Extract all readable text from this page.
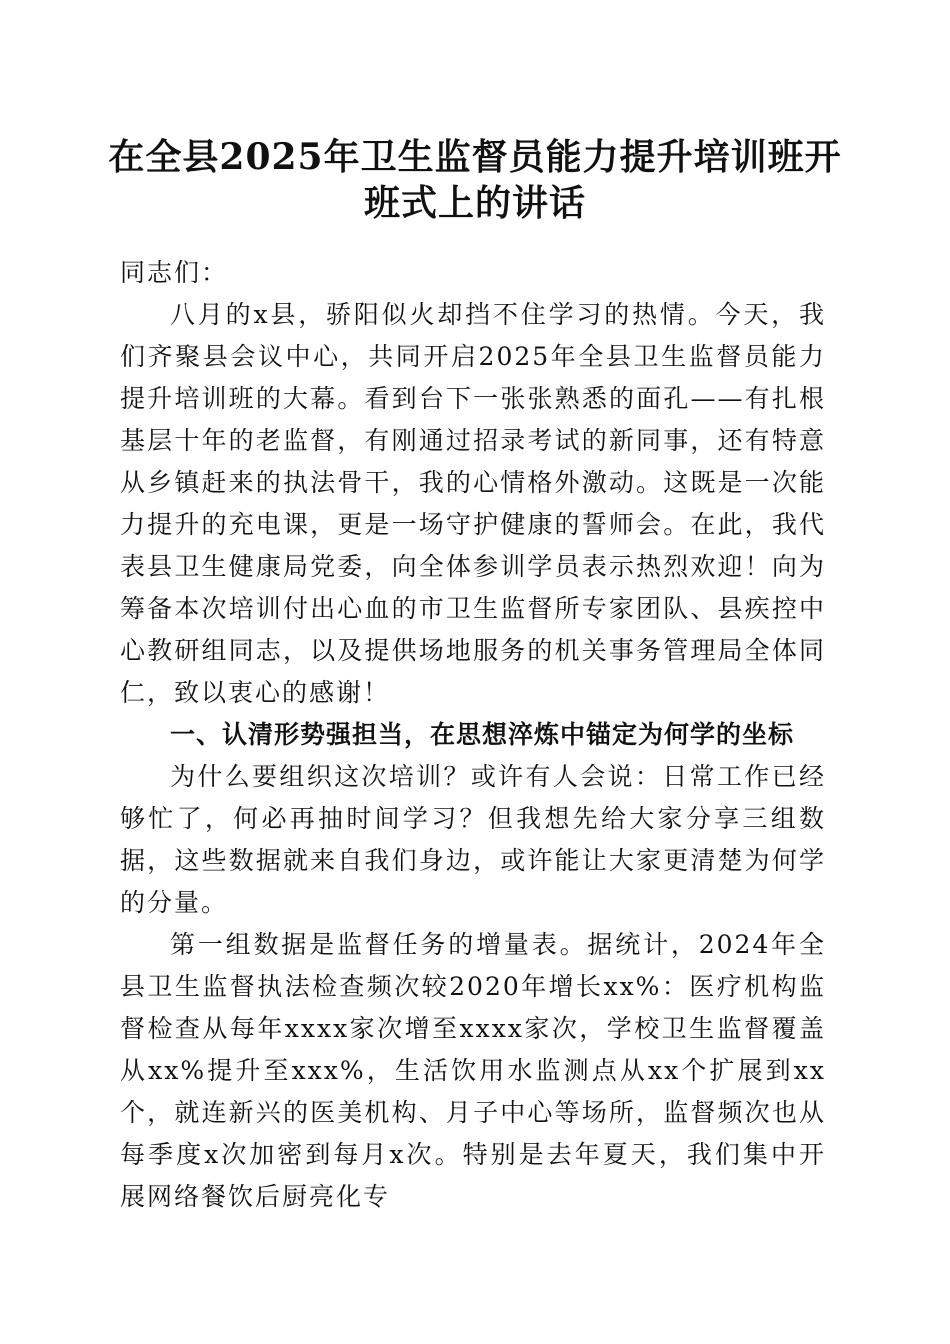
在全县2025年卫生监督员能力提升培训班开
班式上的讲话

同志们：

八月的x县，骄阳似火却挡不住学习的热情。今天，我们齐聚县会议中心，共同开启2025年全县卫生监督员能力提升培训班的大幕。看到台下一张张熟悉的面孔——有扎根基层十年的老监督，有刚通过招录考试的新同事，还有特意从乡镇赶来的执法骨干，我的心情格外激动。这既是一次能力提升的充电课，更是一场守护健康的誓师会。在此，我代表县卫生健康局党委，向全体参训学员表示热烈欢迎！向为筹备本次培训付出心血的市卫生监督所专家团队、县疾控中心教研组同志，以及提供场地服务的机关事务管理局全体同仁，致以衷心的感谢！

一、认清形势强担当，在思想淬炼中锚定为何学的坐标

为什么要组织这次培训？或许有人会说：日常工作已经够忙了，何必再抽时间学习？但我想先给大家分享三组数据，这些数据就来自我们身边，或许能让大家更清楚为何学的分量。

第一组数据是监督任务的增量表。据统计，2024年全县卫生监督执法检查频次较2020年增长xx%：医疗机构监督检查从每年xxxx家次增至xxxx家次，学校卫生监督覆盖从xx%提升至xxx%，生活饮用水监测点从xx个扩展到xx个，就连新兴的医美机构、月子中心等场所，监督频次也从每季度x次加密到每月x次。特别是去年夏天，我们集中开展网络餐饮后厨亮化专
